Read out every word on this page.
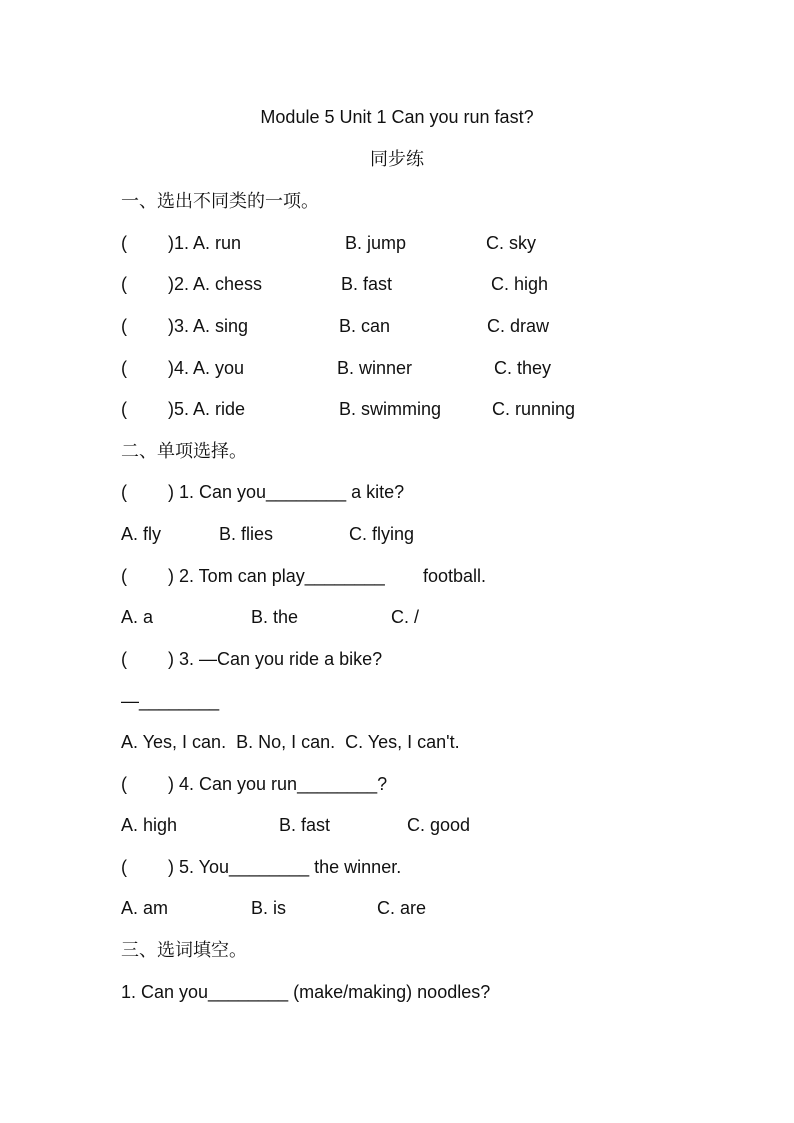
Module 5 Unit 1 Can you run fast?
同步练
一、选出不同类的一项。
( )1. A. run	B. jump	C. sky
( )2. A. chess	B. fast	C. high
( )3. A. sing	B. can	C. draw
( )4. A. you	B. winner	C. they
( )5. A. ride	B. swimming	C. running
二、单项选择。
( ) 1. Can you________ a kite?
A. fly	B. flies	C. flying
( ) 2. Tom can play________ football.
A. a	B. the	C. /
( ) 3. —Can you ride a bike?
—________
A. Yes, I can.  B. No, I can.  C. Yes, I can't.
( ) 4. Can you run________?
A. high	B. fast	C. good
( ) 5. You________ the winner.
A. am	B. is	C. are
三、选词填空。
1. Can you________ (make/making) noodles?
